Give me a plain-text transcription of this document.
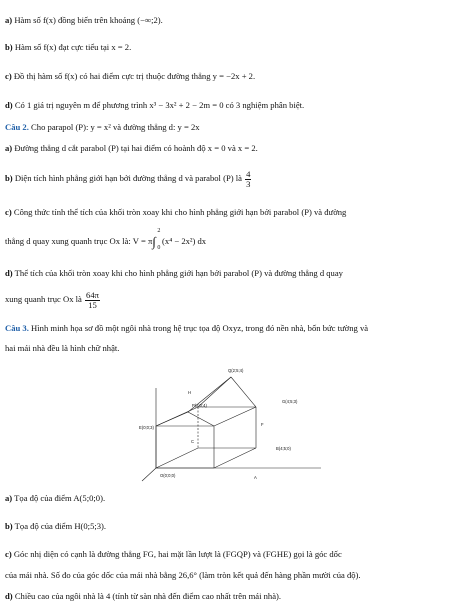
a) Hàm số f(x) đồng biến trên khoảng (−∞;2).
b) Hàm số f(x) đạt cực tiểu tại x = 2.
c) Đồ thị hàm số f(x) có hai điểm cực trị thuộc đường thẳng y = −2x + 2.
d) Có 1 giá trị nguyên m để phương trình x³ − 3x² + 2 − 2m = 0 có 3 nghiệm phân biệt.
Câu 2. Cho parapol (P): y = x² và đường thẳng d: y = 2x
a) Đường thẳng d cắt parabol (P) tại hai điểm có hoành độ x = 0 và x = 2.
b) Diện tích hình phẳng giới hạn bởi đường thẳng d và parabol (P) là $\frac{4}{3}$
c) Công thức tính thể tích của khối tròn xoay khi cho hình phẳng giới hạn bởi parabol (P) và đường
thẳng d quay xung quanh trục Ox là: V = π∫
2
0
(x⁴ − 2x²) dx
d) Thể tích của khối tròn xoay khi cho hình phẳng giới hạn bởi parabol (P) và đường thẳng d quay
xung quanh trục Ox là $\frac{64\pi}{15}$
Câu 3. Hình minh họa sơ đồ một ngôi nhà trong hệ trục tọa độ Oxyz, trong đó nền nhà, bốn bức tường và
hai mái nhà đều là hình chữ nhật.
Q(2;5;4)
G(4;5;3)
H
P(2;0;4)
E(0;0;3)
F
C
B(4;5;0)
O(0;0;0)	A
a) Tọa độ của điểm A(5;0;0).
b) Tọa độ của điểm H(0;5;3).
c) Góc nhị diện có cạnh là đường thẳng FG, hai mặt lần lượt là (FGQP) và (FGHE) gọi là góc dốc
của mái nhà. Số đo của góc dốc của mái nhà bằng 26,6° (làm tròn kết quả đến hàng phần mười của độ).
d) Chiều cao của ngôi nhà là 4 (tính từ sàn nhà đến điểm cao nhất trên mái nhà).
